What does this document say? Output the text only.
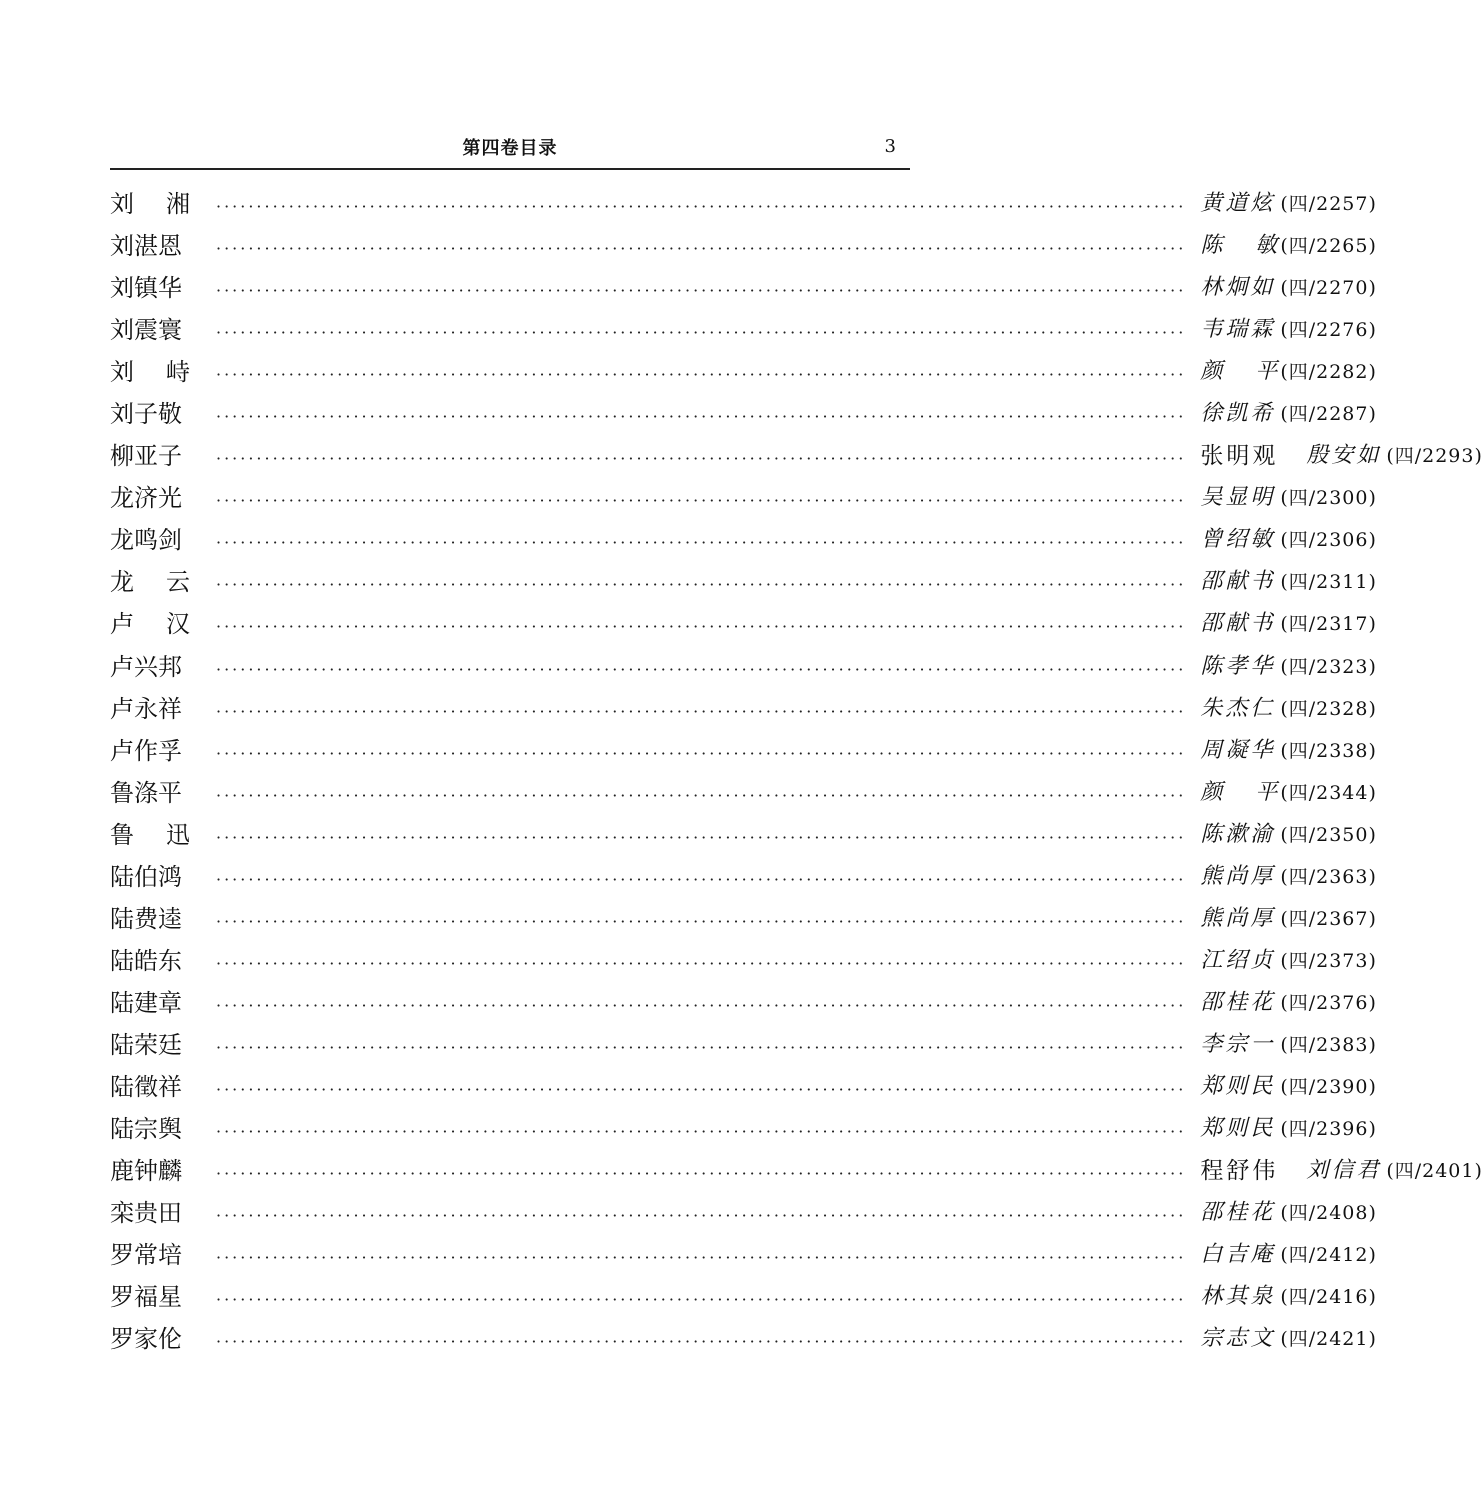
第四卷目录	3
刘 湘 ························································································································ 黄道炫 (四/2257)
刘湛恩	························································································································ 陈 敏 (四/2265)
刘镇华	························································································································ 林炯如 (四/2270)
刘震寰	························································································································ 韦瑞霖 (四/2276)
刘 峙 ························································································································ 颜 平 (四/2282)
刘子敬	························································································································ 徐凯希 (四/2287)
柳亚子	························································································································ 张明观 殷安如 (四/2293)
龙济光	························································································································ 吴显明 (四/2300)
龙鸣剑	························································································································ 曾绍敏 (四/2306)
龙 云 ························································································································ 邵献书 (四/2311)
卢 汉 ························································································································ 邵献书 (四/2317)
卢兴邦	························································································································ 陈孝华 (四/2323)
卢永祥	························································································································ 朱杰仁 (四/2328)
卢作孚	························································································································ 周凝华 (四/2338)
鲁涤平	························································································································ 颜 平 (四/2344)
鲁 迅 ························································································································ 陈漱渝 (四/2350)
陆伯鸿	························································································································ 熊尚厚 (四/2363)
陆费逵	························································································································ 熊尚厚 (四/2367)
陆皓东	························································································································ 江绍贞 (四/2373)
陆建章	························································································································ 邵桂花 (四/2376)
陆荣廷	························································································································ 李宗一 (四/2383)
陆徵祥	························································································································ 郑则民 (四/2390)
陆宗舆	························································································································ 郑则民 (四/2396)
鹿钟麟	························································································································ 程舒伟 刘信君 (四/2401)
栾贵田	························································································································ 邵桂花 (四/2408)
罗常培	························································································································ 白吉庵 (四/2412)
罗福星	························································································································ 林其泉 (四/2416)
罗家伦	························································································································ 宗志文 (四/2421)
